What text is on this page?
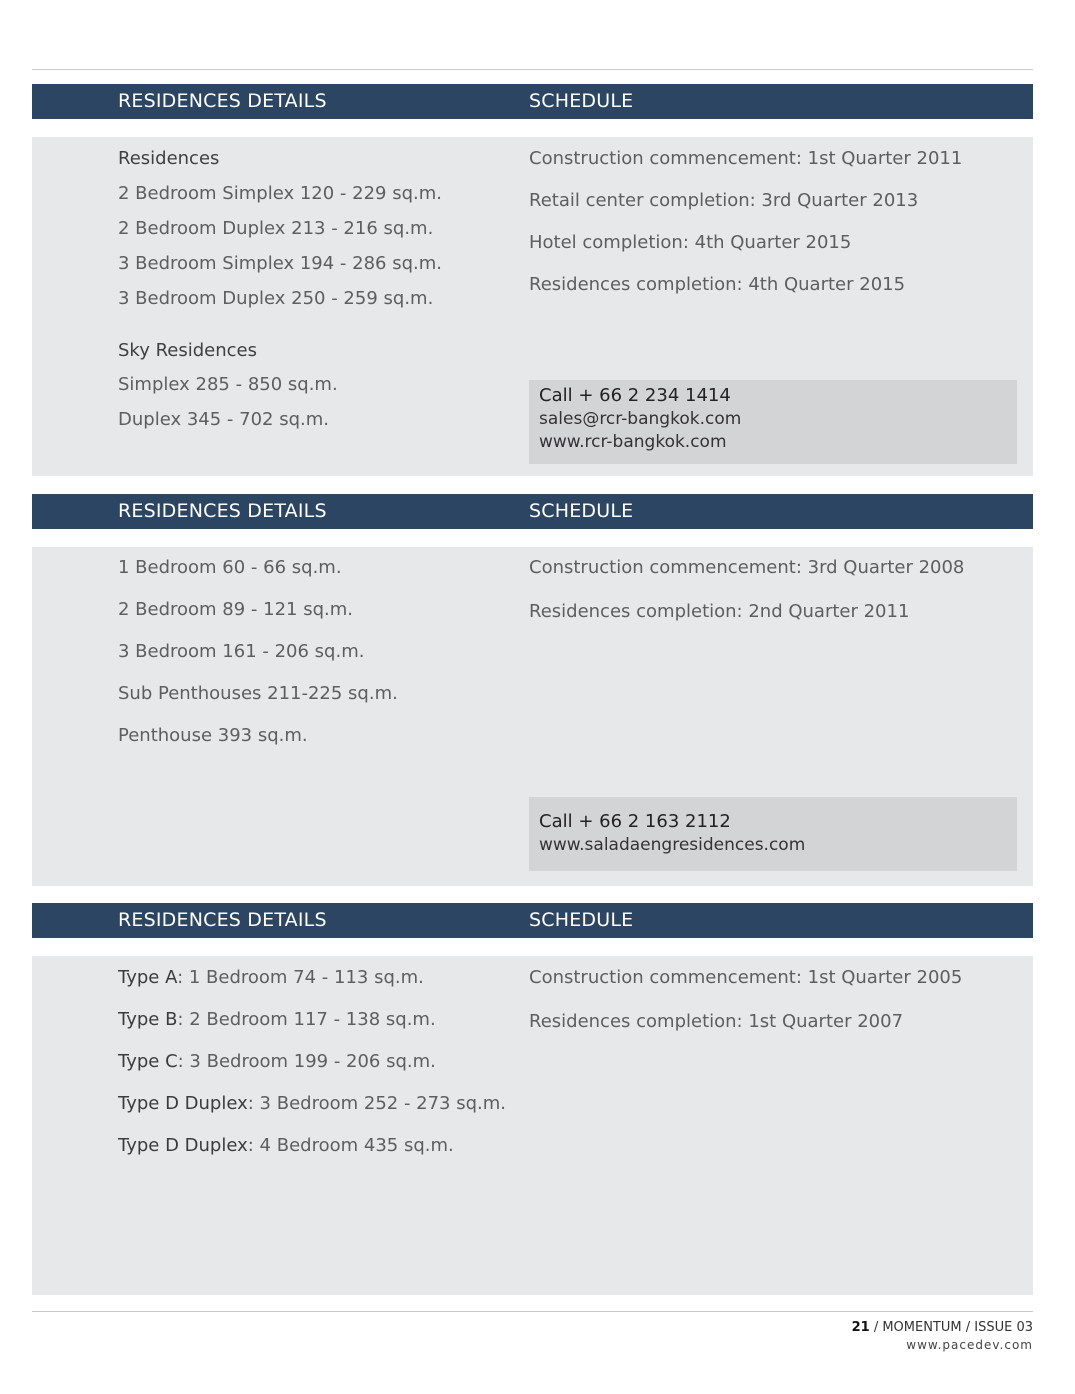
RESIDENCES DETAILS	SCHEDULE
Residences
2 Bedroom Simplex 120 - 229 sq.m.
2 Bedroom Duplex 213 - 216 sq.m.
3 Bedroom Simplex 194 - 286 sq.m.
3 Bedroom Duplex 250 - 259 sq.m.
Sky Residences
Simplex 285 - 850 sq.m.
Duplex 345 - 702 sq.m.
Construction commencement: 1st Quarter 2011
Retail center completion: 3rd Quarter 2013
Hotel completion: 4th Quarter 2015
Residences completion: 4th Quarter 2015
Call + 66 2 234 1414
sales@rcr-bangkok.com
www.rcr-bangkok.com
RESIDENCES DETAILS	SCHEDULE
1 Bedroom 60 - 66 sq.m.
2 Bedroom 89 - 121 sq.m.
3 Bedroom 161 - 206 sq.m.
Sub Penthouses 211-225 sq.m.
Penthouse 393 sq.m.
Construction commencement: 3rd Quarter 2008
Residences completion: 2nd Quarter 2011
Call + 66 2 163 2112
www.saladaengresidences.com
RESIDENCES DETAILS	SCHEDULE
Type A: 1 Bedroom 74 - 113 sq.m.
Type B: 2 Bedroom 117 - 138 sq.m.
Type C: 3 Bedroom 199 - 206 sq.m.
Type D Duplex: 3 Bedroom 252 - 273 sq.m.
Type D Duplex: 4 Bedroom 435 sq.m.
Construction commencement: 1st Quarter 2005
Residences completion: 1st Quarter 2007
21 / MOMENTUM / ISSUE 03
www.pacedev.com
